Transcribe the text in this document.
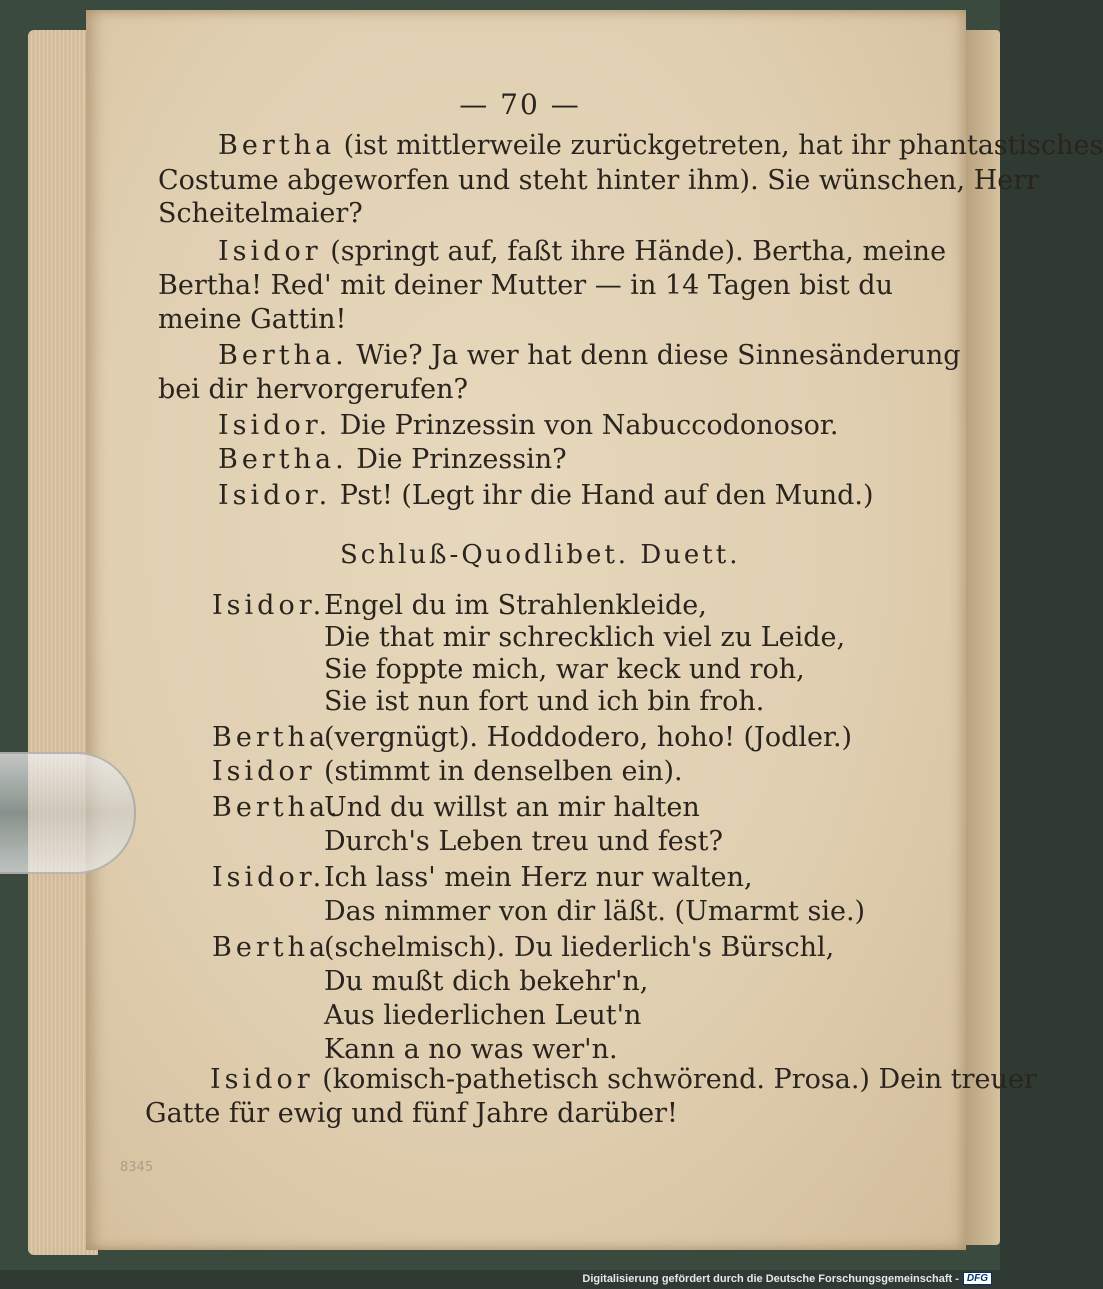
— 70 —
Bertha (ist mittlerweile zurückgetreten, hat ihr phantastisches
Costume abgeworfen und steht hinter ihm). Sie wünschen, Herr
Scheitelmaier?
Isidor (springt auf, faßt ihre Hände). Bertha, meine
Bertha! Red' mit deiner Mutter — in 14 Tagen bist du
meine Gattin!
Bertha. Wie? Ja wer hat denn diese Sinnesänderung
bei dir hervorgerufen?
Isidor. Die Prinzessin von Nabuccodonosor.
Bertha. Die Prinzessin?
Isidor. Pst! (Legt ihr die Hand auf den Mund.)
Schluß-Quodlibet. Duett.
Isidor.Engel du im Strahlenkleide,
Die that mir schrecklich viel zu Leide,
Sie foppte mich, war keck und roh,
Sie ist nun fort und ich bin froh.
Bertha(vergnügt). Hoddodero, hoho! (Jodler.)
Isidor (stimmt in denselben ein).
Bertha.Und du willst an mir halten
Durch's Leben treu und fest?
Isidor.Ich lass' mein Herz nur walten,
Das nimmer von dir läßt. (Umarmt sie.)
Bertha(schelmisch). Du liederlich's Bürschl,
Du mußt dich bekehr'n,
Aus liederlichen Leut'n
Kann a no was wer'n.
Isidor (komisch-pathetisch schwörend. Prosa.) Dein treuer
Gatte für ewig und fünf Jahre darüber!
8345
Digitalisierung gefördert durch die Deutsche Forschungsgemeinschaft - DFG
